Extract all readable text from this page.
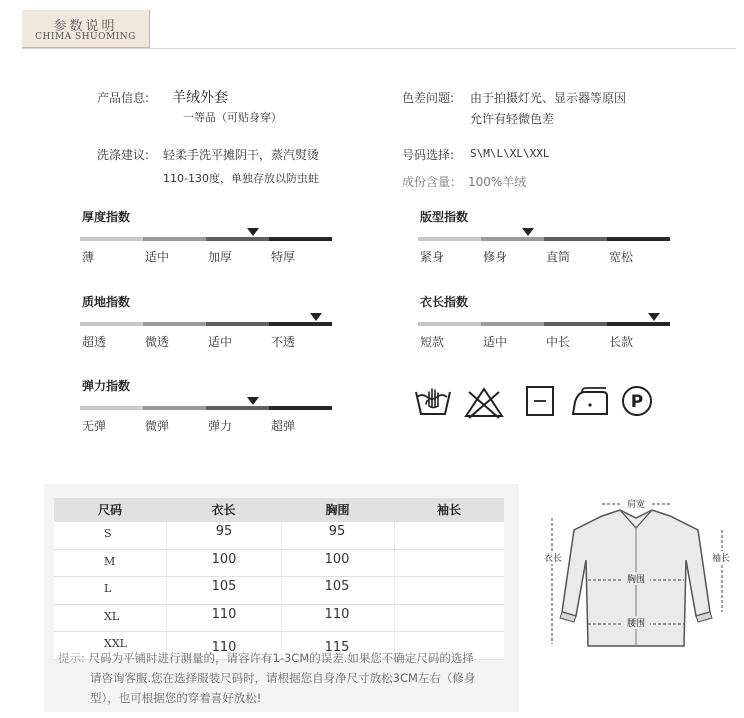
参数说明
CHIMA SHUOMING
产品信息: 羊绒外套
一等品（可贴身穿）
洗涤建议: 轻柔手洗平摊阴干，蒸汽熨烫
110-130度，单独存放以防虫蛀
色差问题: 由于拍摄灯光、显示器等原因
允许有轻微色差
号码选择: S\M\L\XL\XXL
成份含量： 100%羊绒
厚度指数
薄	适中	加厚	特厚
版型指数
紧身	修身	直筒	宽松
质地指数
超透	微透	适中	不透
衣长指数
短款	适中	中长	长款
弹力指数
无弹	微弹	弹力	超弹
P
尺码	衣长	胸围	袖长
S	95	95
M	100	100
L	105	105
XL	110	110
XXL	110	115
提示: 尺码为平铺时进行测量的，请容许有1-3CM的误差.如果您不确定尺码的选择
请咨询客服.您在选择服装尺码时，请根据您自身净尺寸放松3CM左右（修身
型），也可根据您的穿着喜好放松!
肩宽
衣长	袖长
胸围
腰围
